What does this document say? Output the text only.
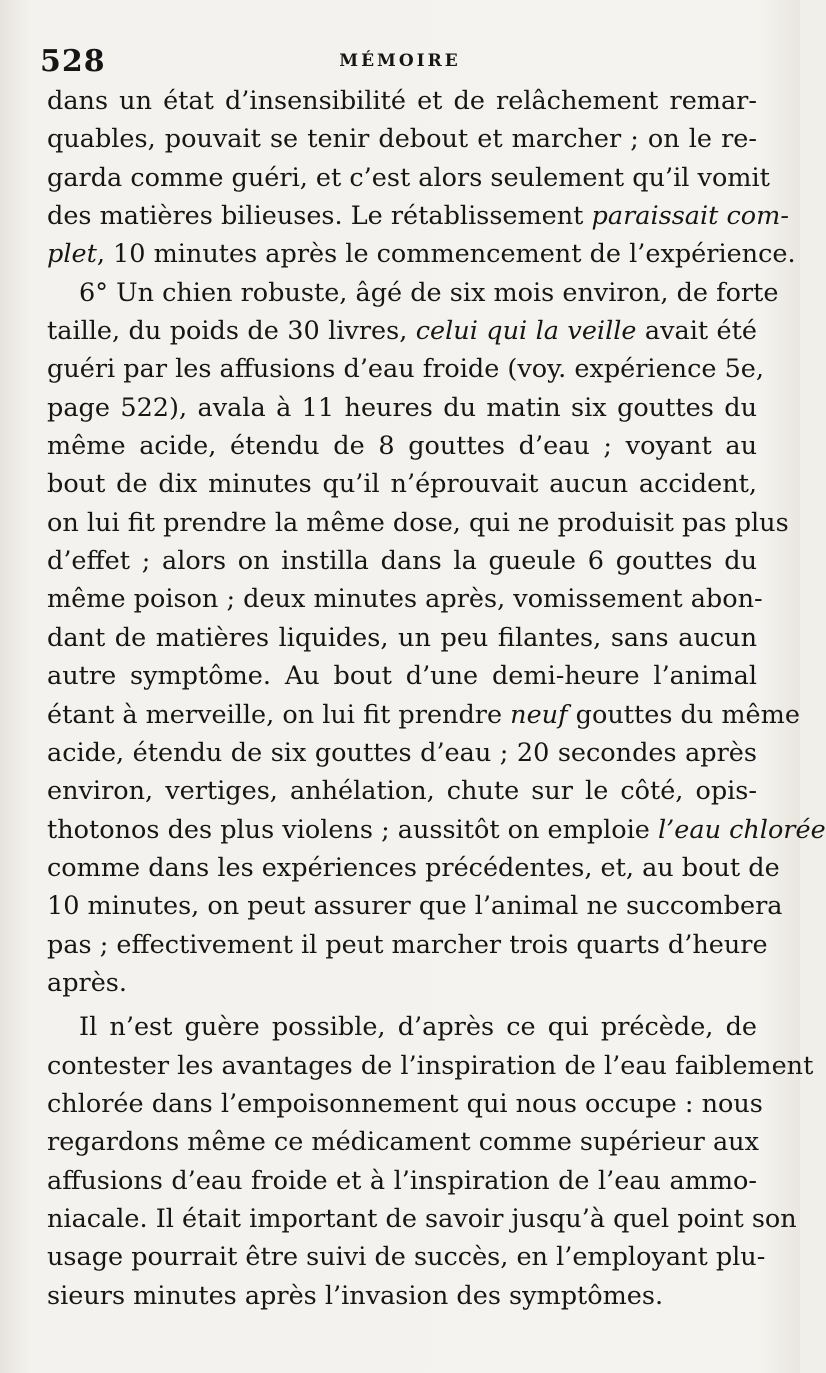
528	MÉMOIRE
dans un état d’insensibilité et de relâchement remar-
quables, pouvait se tenir debout et marcher ; on le re-
garda comme guéri, et c’est alors seulement qu’il vomit
des matières bilieuses. Le rétablissement paraissait com-
plet, 10 minutes après le commencement de l’expérience.
6° Un chien robuste, âgé de six mois environ, de forte
taille, du poids de 30 livres, celui qui la veille avait été
guéri par les affusions d’eau froide (voy. expérience 5e,
page 522), avala à 11 heures du matin six gouttes du
même acide, étendu de 8 gouttes d’eau ; voyant au
bout de dix minutes qu’il n’éprouvait aucun accident,
on lui fit prendre la même dose, qui ne produisit pas plus
d’effet ; alors on instilla dans la gueule 6 gouttes du
même poison ; deux minutes après, vomissement abon-
dant de matières liquides, un peu filantes, sans aucun
autre symptôme. Au bout d’une demi-heure l’animal
étant à merveille, on lui fit prendre neuf gouttes du même
acide, étendu de six gouttes d’eau ; 20 secondes après
environ, vertiges, anhélation, chute sur le côté, opis-
thotonos des plus violens ; aussitôt on emploie l’eau chlorée
comme dans les expériences précédentes, et, au bout de
10 minutes, on peut assurer que l’animal ne succombera
pas ; effectivement il peut marcher trois quarts d’heure
après.
Il n’est guère possible, d’après ce qui précède, de
contester les avantages de l’inspiration de l’eau faiblement
chlorée dans l’empoisonnement qui nous occupe : nous
regardons même ce médicament comme supérieur aux
affusions d’eau froide et à l’inspiration de l’eau ammo-
niacale. Il était important de savoir jusqu’à quel point son
usage pourrait être suivi de succès, en l’employant plu-
sieurs minutes après l’invasion des symptômes.
